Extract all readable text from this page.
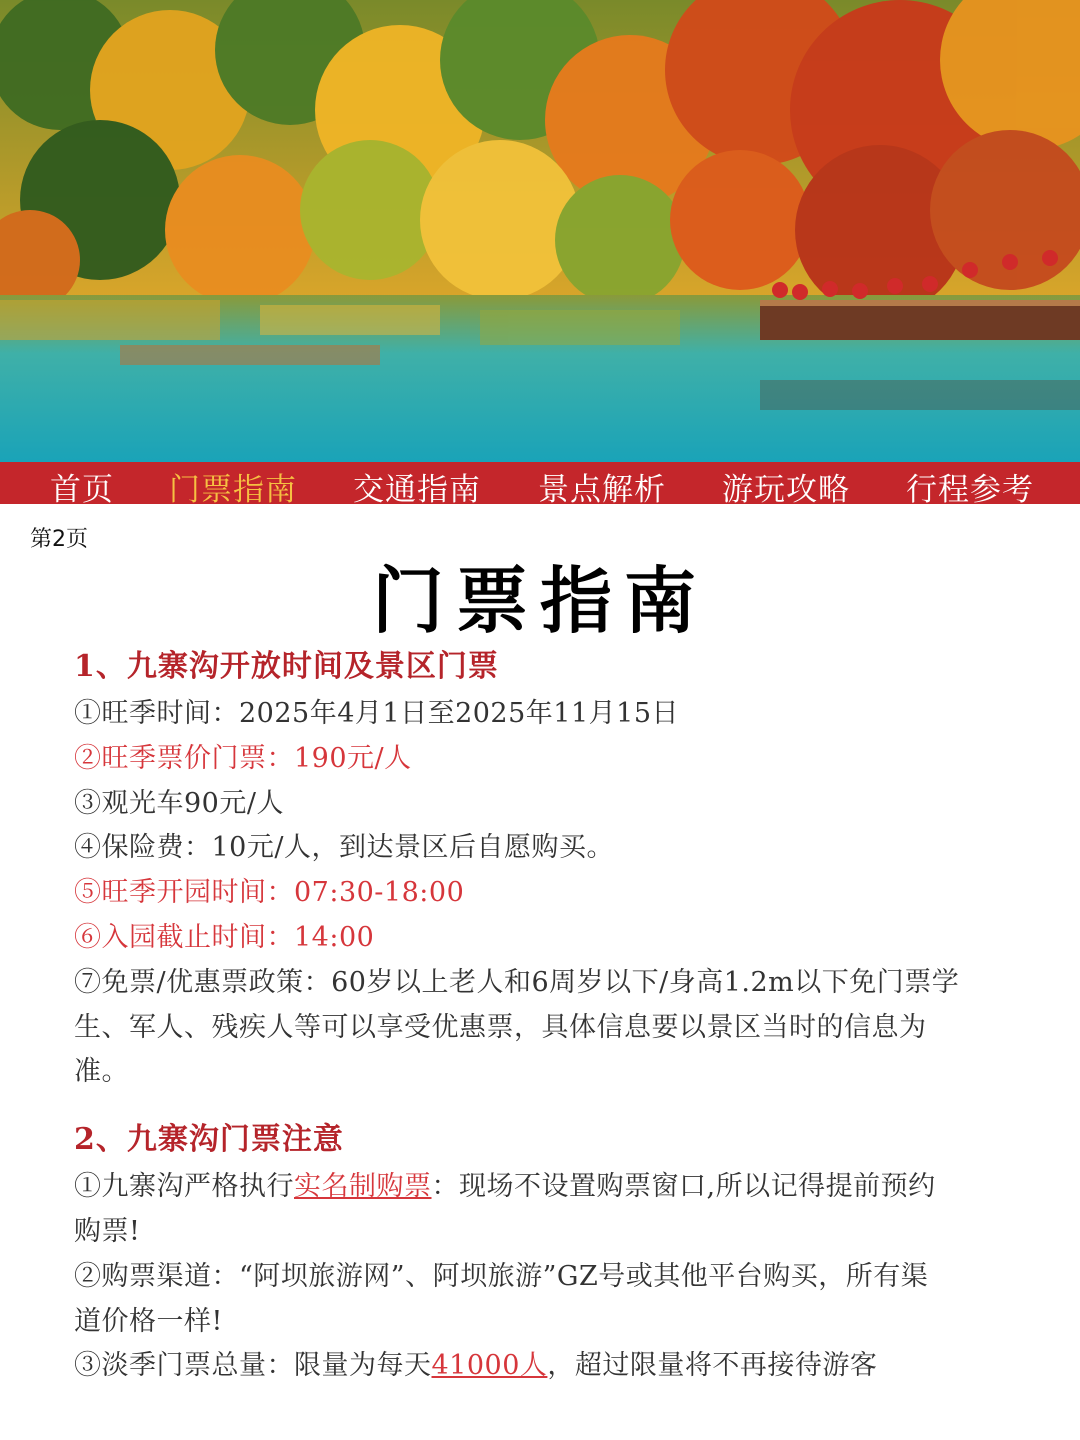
首页 门票指南 交通指南 景点解析 游玩攻略 行程参考
第2页
门票指南

1、九寨沟开放时间及景区门票

①旺季时间：2025年4月1日至2025年11月15日

②旺季票价门票：190元/人

③观光车90元/人

④保险费：10元/人，到达景区后自愿购买。

⑤旺季开园时间：07:30-18:00

⑥入园截止时间：14:00

⑦免票/优惠票政策：60岁以上老人和6周岁以下/身高1.2m以下免门票学

生、军人、残疾人等可以享受优惠票，具体信息要以景区当时的信息为

准。

2、九寨沟门票注意

①九寨沟严格执行实名制购票：现场不设置购票窗口,所以记得提前预约

购票!

②购票渠道：“阿坝旅游网”、阿坝旅游”GZ号或其他平台购买，所有渠

道价格一样!

③淡季门票总量：限量为每天41000人，超过限量将不再接待游客
